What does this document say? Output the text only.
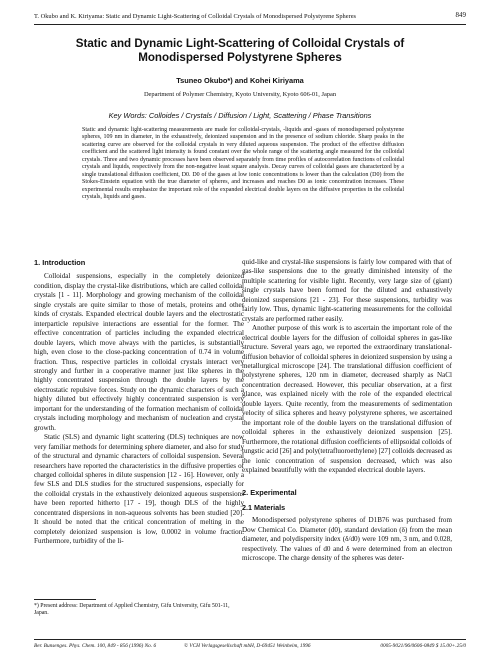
T. Okubo and K. Kiriyama: Static and Dynamic Light-Scattering of Colloidal Crystals of Monodispersed Polystyrene Spheres	849
Static and Dynamic Light-Scattering of Colloidal Crystals of Monodispersed Polystyrene Spheres
Tsuneo Okubo*) and Kohei Kiriyama
Department of Polymer Chemistry, Kyoto University, Kyoto 606-01, Japan
Key Words: Colloides / Crystals / Diffusion / Light, Scattering / Phase Transitions

Static and dynamic light-scattering measurements are made for colloidal-crystals, -liquids and -gases of monodispersed polystyrene spheres, 109 nm in diameter, in the exhaustively, deionized suspension and in the presence of sodium chloride. Sharp peaks in the scattering curve are observed for the colloidal crystals in very diluted aqueous suspension. The product of the effective diffusion coefficient and the scattered light intensity is found constant over the whole range of the scattering angle measured for the colloidal crystals. Three and two dynamic processes have been observed separately from time profiles of autocorrelation functions of colloidal crystals and liquids, respectively from the non-negative least square analysis. Decay curves of colloidal gases are characterized by a single translational diffusion coefficient, D0. D0 of the gases at low ionic concentrations is lower than the calculation (D0) from the Stokes-Einstein equation with the true diameter of spheres, and increases and reaches D0 as ionic concentration increases. These experimental results emphasize the important role of the expanded electrical double layers on the diffusive properties in the colloidal crystals, liquids and gases.

1. Introduction

Colloidal suspensions, especially in the completely deionized condition, display the crystal-like distributions, which are called colloidal crystals [1 - 11]. Morphology and growing mechanism of the colloidal single crystals are quite similar to those of metals, proteins and other kinds of crystals. Expanded electrical double layers and the electrostatic interparticle repulsive interactions are essential for the former. The effective concentration of particles including the expanded electrical double layers, which move always with the particles, is substantially high, even close to the close-packing concentration of 0.74 in volume fraction. Thus, respective particles in colloidal crystals interact very strongly and further in a cooperative manner just like spheres in the highly concentrated suspension through the double layers by the electrostatic repulsive forces. Study on the dynamic characters of such a highly diluted but effectively highly concentrated suspension is very important for the understanding of the formation mechanism of colloidal crystals including morphology and mechanism of nucleation and crystal growth.

Static (SLS) and dynamic light scattering (DLS) techniques are now very familiar methods for determining sphere diameter, and also for study of the structural and dynamic characters of colloidal suspension. Several researchers have reported the characteristics in the diffusive properties of charged colloidal spheres in dilute suspension [12 - 16]. However, only a few SLS and DLS studies for the structured suspensions, especially for the colloidal crystals in the exhaustively deionized aqueous suspensions have been reported hitherto [17 - 19], though DLS of the highly concentrated dispersions in non-aqueous solvents has been studied [20]. It should be noted that the critical concentration of melting in the completely deionized suspension is low, 0.0002 in volume fraction. Furthermore, turbidity of the li-

quid-like and crystal-like suspensions is fairly low compared with that of gas-like suspensions due to the greatly diminished intensity of the multiple scattering for visible light. Recently, very large size of (giant) single crystals have been formed for the diluted and exhaustively deionized suspensions [21 - 23]. For these suspensions, turbidity was fairly low. Thus, dynamic light-scattering measurements for the colloidal crystals are performed rather easily.

Another purpose of this work is to ascertain the important role of the electrical double layers for the diffusion of colloidal spheres in gas-like structure. Several years ago, we reported the extraordinary translational-diffusion behavior of colloidal spheres in deionized suspension by using a metallurgical microscope [24]. The translational diffusion coefficient of polystyrene spheres, 120 nm in diameter, decreased sharply as NaCl concentration decreased. However, this peculiar observation, at a first glance, was explained nicely with the role of the expanded electrical double layers. Quite recently, from the measurements of sedimentation velocity of silica spheres and heavy polystyrene spheres, we ascertained the important role of the double layers on the translational diffusion of colloidal spheres in the exhaustively deionized suspension [25]. Furthermore, the rotational diffusion coefficients of ellipsoidal colloids of tungstic acid [26] and poly(tetrafluoroethylene) [27] colloids decreased as the ionic concentration of suspension decreased, which was also explained beautifully with the expanded electrical double layers.

2. Experimental
2.1 Materials

Monodispersed polystyrene spheres of D1B76 was purchased from Dow Chemical Co. Diameter (d0), standard deviation (δ) from the mean diameter, and polydispersity index (δ/d0) were 109 nm, 3 nm, and 0.028, respectively. The values of d0 and δ were determined from an electron microscope. The charge density of the spheres was deter-

*) Present address: Department of Applied Chemistry, Gifu University, Gifu 501-11, Japan.
Ber. Bunsenges. Phys. Chem. 100, 849 - 856 (1996) No. 6	© VCH Verlagsgesellschaft mbH, D-69451 Weinheim, 1996	0005-9021/96/0606-0849 $ 15.00+.25/0
